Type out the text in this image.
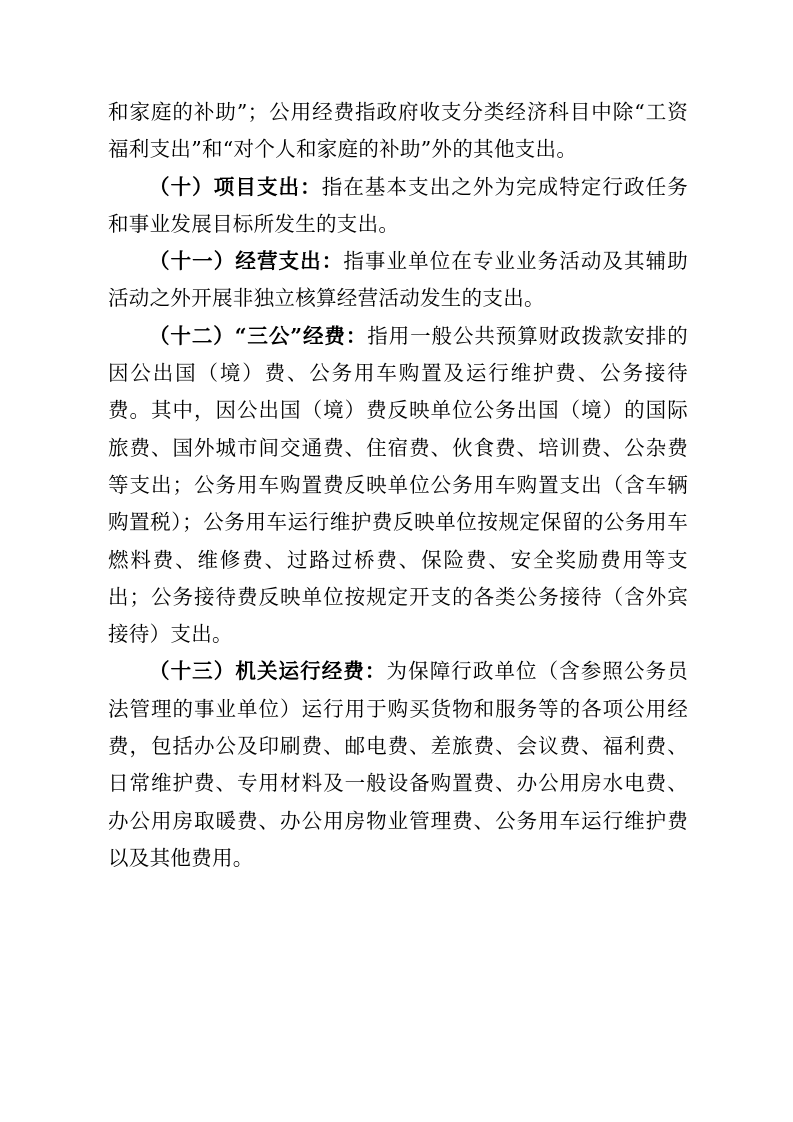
和家庭的补助”；公用经费指政府收支分类经济科目中除“工资福利支出”和“对个人和家庭的补助”外的其他支出。

（十）项目支出：指在基本支出之外为完成特定行政任务和事业发展目标所发生的支出。

（十一）经营支出：指事业单位在专业业务活动及其辅助活动之外开展非独立核算经营活动发生的支出。

（十二）“三公”经费：指用一般公共预算财政拨款安排的因公出国（境）费、公务用车购置及运行维护费、公务接待费。其中，因公出国（境）费反映单位公务出国（境）的国际旅费、国外城市间交通费、住宿费、伙食费、培训费、公杂费等支出；公务用车购置费反映单位公务用车购置支出（含车辆购置税）；公务用车运行维护费反映单位按规定保留的公务用车燃料费、维修费、过路过桥费、保险费、安全奖励费用等支出；公务接待费反映单位按规定开支的各类公务接待（含外宾接待）支出。

（十三）机关运行经费：为保障行政单位（含参照公务员法管理的事业单位）运行用于购买货物和服务等的各项公用经费，包括办公及印刷费、邮电费、差旅费、会议费、福利费、日常维护费、专用材料及一般设备购置费、办公用房水电费、办公用房取暖费、办公用房物业管理费、公务用车运行维护费以及其他费用。
